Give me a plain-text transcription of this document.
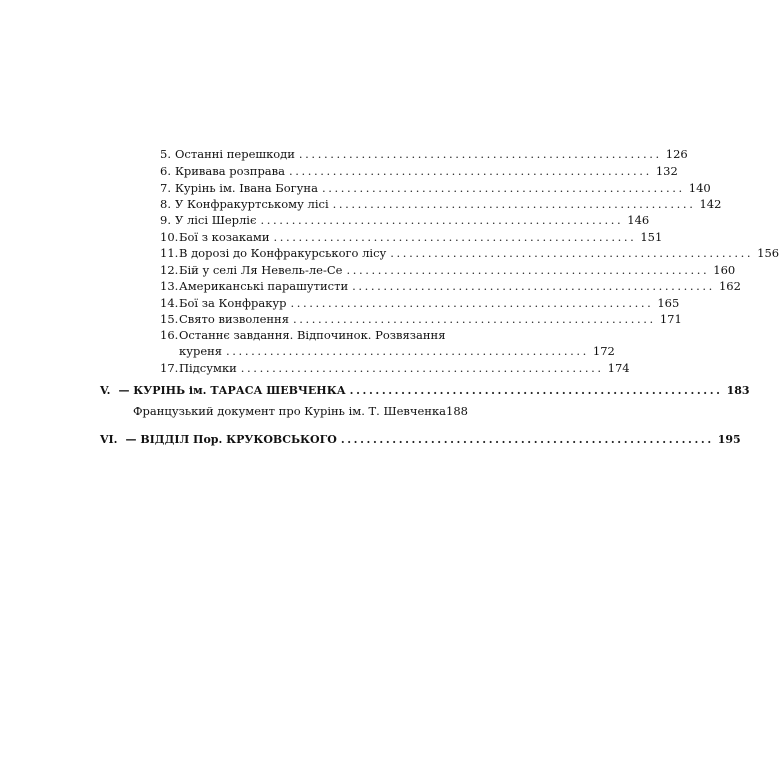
5. Останні перешкоди .......................................................... 126
6. Кривава розправа .......................................................... 132
7. Курінь ім. Івана Богуна .......................................................... 140
8. У Конфракуртському лісі .......................................................... 142
9. У лісі Шерліє .......................................................... 146
10. Бої з козаками .......................................................... 151
11. В дорозі до Конфракурського лісу .......................................................... 156
12. Бій у селі Ля Невель-ле-Се .......................................................... 160
13. Американські парашутисти .......................................................... 162
14. Бої за Конфракур .......................................................... 165
15. Свято визволення .......................................................... 171
16. Останнє завдання. Відпочинок. Розвязання
куреня .......................................................... 172
17. Підсумки .......................................................... 174
V. — КУРІНЬ ім. ТАРАСА ШЕВЧЕНКА .......................................................... 183
Французький документ про Курінь ім. Т. Шевченка 188
VI. — ВІДДІЛ Пор. КРУКОВСЬКОГО .......................................................... 195
